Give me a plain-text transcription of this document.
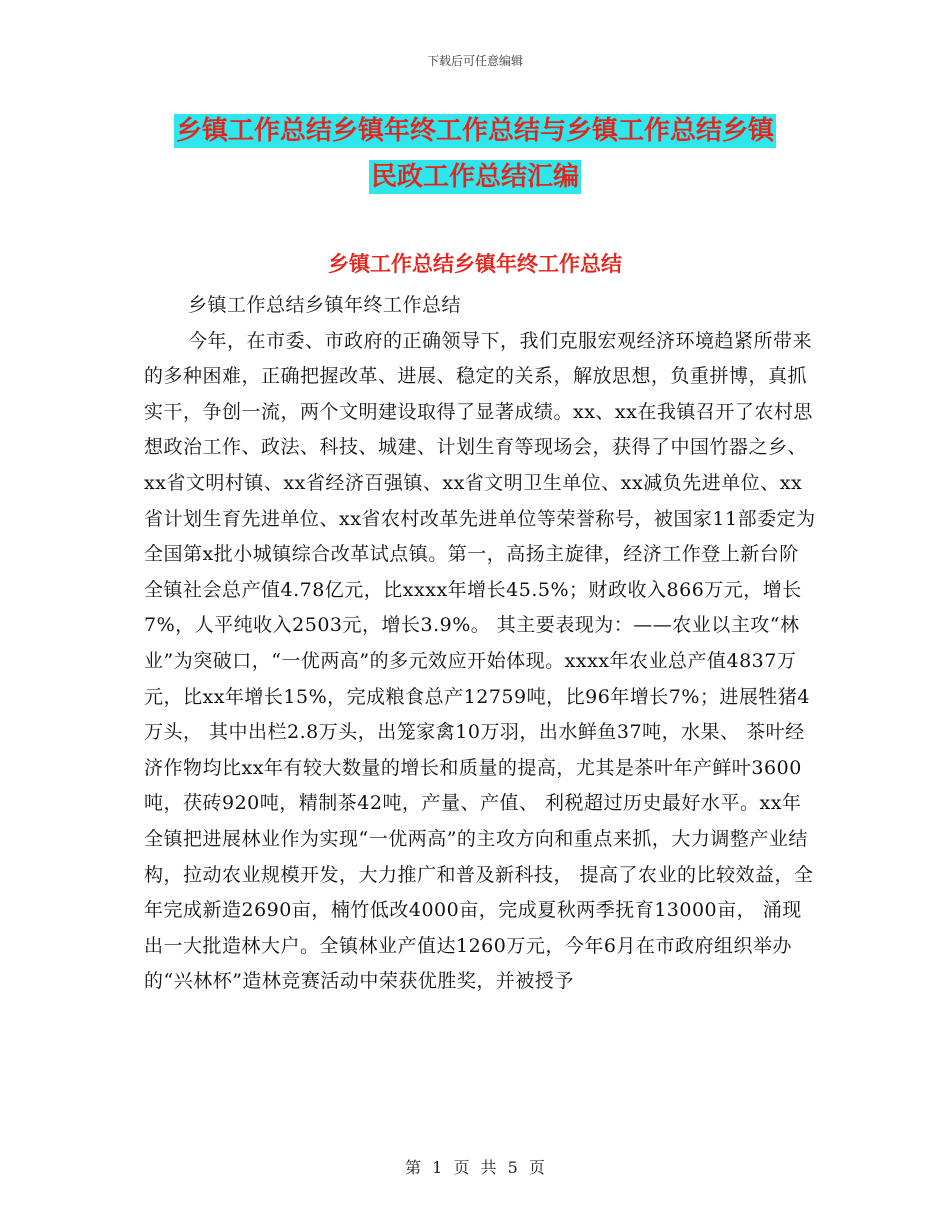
下载后可任意编辑
乡镇工作总结乡镇年终工作总结与乡镇工作总结乡镇
民政工作总结汇编
乡镇工作总结乡镇年终工作总结

乡镇工作总结乡镇年终工作总结

今年，在市委、市政府的正确领导下，我们克服宏观经济环境趋紧所带来的多种困难，正确把握改革、进展、稳定的关系，解放思想，负重拼博，真抓实干，争创一流，两个文明建设取得了显著成绩。xx、xx在我镇召开了农村思想政治工作、政法、科技、城建、计划生育等现场会，获得了中国竹器之乡、xx省文明村镇、xx省经济百强镇、xx省文明卫生单位、xx减负先进单位、xx省计划生育先进单位、xx省农村改革先进单位等荣誉称号，被国家11部委定为全国第x批小城镇综合改革试点镇。第一，高扬主旋律，经济工作登上新台阶全镇社会总产值4.78亿元，比xxxx年增长45.5%；财政收入866万元，增长7%，人平纯收入2503元，增长3.9%。 其主要表现为：——农业以主攻“林业”为突破口，“一优两高”的多元效应开始体现。xxxx年农业总产值4837万元，比xx年增长15%，完成粮食总产12759吨，比96年增长7%；进展牲猪4万头， 其中出栏2.8万头，出笼家禽10万羽，出水鲜鱼37吨，水果、 茶叶经济作物均比xx年有较大数量的增长和质量的提高，尤其是茶叶年产鲜叶3600吨，茯砖920吨，精制茶42吨，产量、产值、 利税超过历史最好水平。xx年全镇把进展林业作为实现“一优两高”的主攻方向和重点来抓，大力调整产业结构，拉动农业规模开发，大力推广和普及新科技， 提高了农业的比较效益，全年完成新造2690亩，楠竹低改4000亩，完成夏秋两季抚育13000亩， 涌现出一大批造林大户。全镇林业产值达1260万元，今年6月在市政府组织举办的“兴林杯”造林竞赛活动中荣获优胜奖，并被授予

第 1 页 共 5 页
